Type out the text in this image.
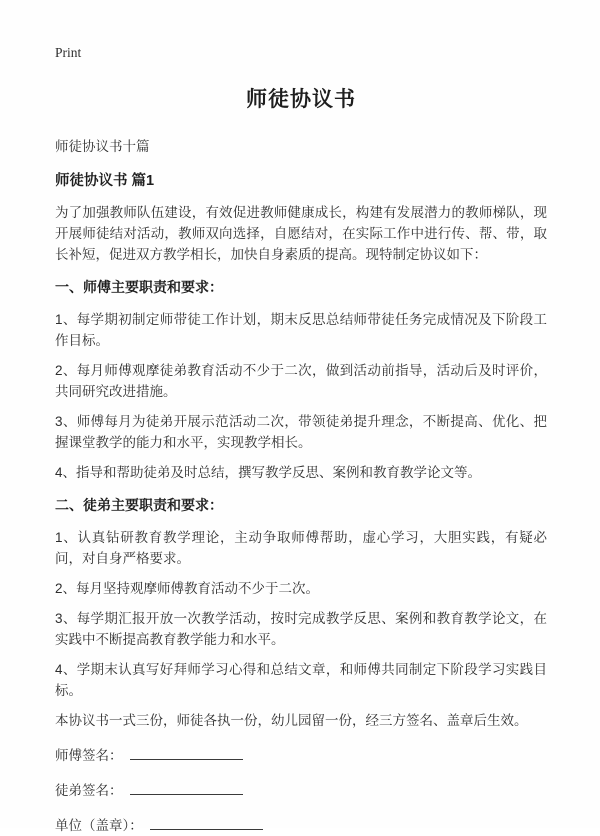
Print
师徒协议书
师徒协议书十篇
师徒协议书 篇1

为了加强教师队伍建设，有效促进教师健康成长，构建有发展潜力的教师梯队，现开展师徒结对活动，教师双向选择，自愿结对，在实际工作中进行传、帮、带，取长补短，促进双方教学相长，加快自身素质的提高。现特制定协议如下：

一、师傅主要职责和要求：

1、每学期初制定师带徒工作计划，期末反思总结师带徒任务完成情况及下阶段工作目标。

2、每月师傅观摩徒弟教育活动不少于二次，做到活动前指导，活动后及时评价，共同研究改进措施。

3、师傅每月为徒弟开展示范活动二次，带领徒弟提升理念，不断提高、优化、把握课堂教学的能力和水平，实现教学相长。

4、指导和帮助徒弟及时总结，撰写教学反思、案例和教育教学论文等。

二、徒弟主要职责和要求：

1、认真钻研教育教学理论，主动争取师傅帮助，虚心学习，大胆实践，有疑必问，对自身严格要求。

2、每月坚持观摩师傅教育活动不少于二次。

3、每学期汇报开放一次教学活动，按时完成教学反思、案例和教育教学论文，在实践中不断提高教育教学能力和水平。

4、学期末认真写好拜师学习心得和总结文章，和师傅共同制定下阶段学习实践目标。

本协议书一式三份，师徒各执一份，幼儿园留一份，经三方签名、盖章后生效。

师傅签名：
徒弟签名：
单位（盖章）：
